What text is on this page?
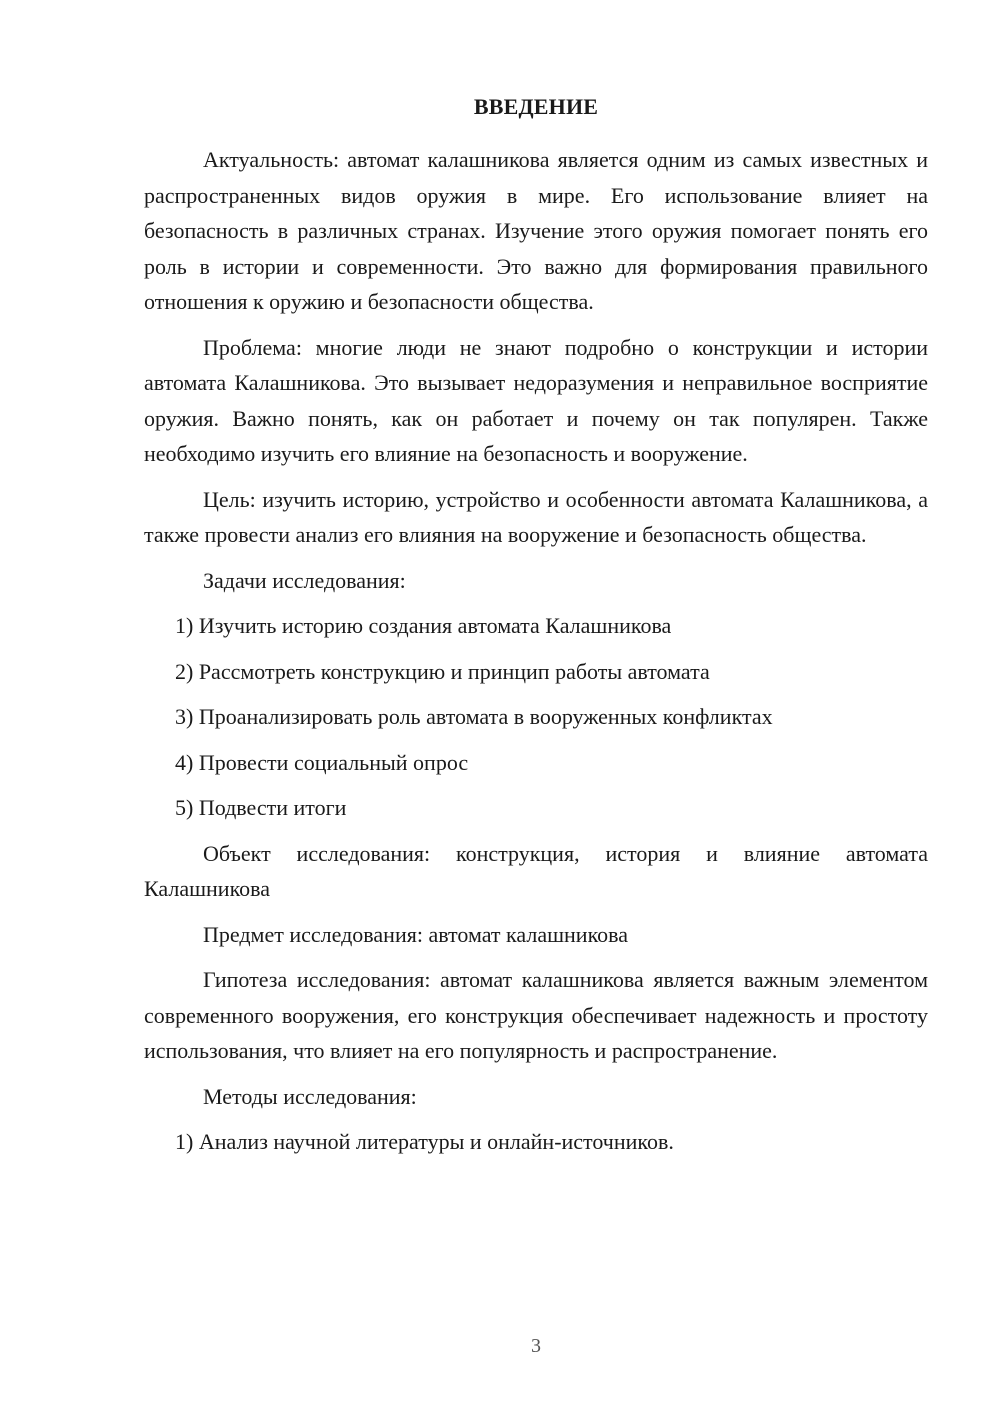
ВВЕДЕНИЕ

Актуальность: автомат калашникова является одним из самых известных и распространенных видов оружия в мире. Его использование влияет на безопасность в различных странах. Изучение этого оружия помогает понять его роль в истории и современности. Это важно для формирования правильного отношения к оружию и безопасности общества.

Проблема: многие люди не знают подробно о конструкции и истории автомата Калашникова. Это вызывает недоразумения и неправильное восприятие оружия. Важно понять, как он работает и почему он так популярен. Также необходимо изучить его влияние на безопасность и вооружение.

Цель: изучить историю, устройство и особенности автомата Калашникова, а также провести анализ его влияния на вооружение и безопасность общества.

Задачи исследования:

1) Изучить историю создания автомата Калашникова

2) Рассмотреть конструкцию и принцип работы автомата

3) Проанализировать роль автомата в вооруженных конфликтах

4) Провести социальный опрос

5) Подвести итоги

Объект исследования: конструкция, история и влияние автомата Калашникова

Предмет исследования: автомат калашникова

Гипотеза исследования: автомат калашникова является важным элементом современного вооружения, его конструкция обеспечивает надежность и простоту использования, что влияет на его популярность и распространение.

Методы исследования:

1) Анализ научной литературы и онлайн-источников.

3
